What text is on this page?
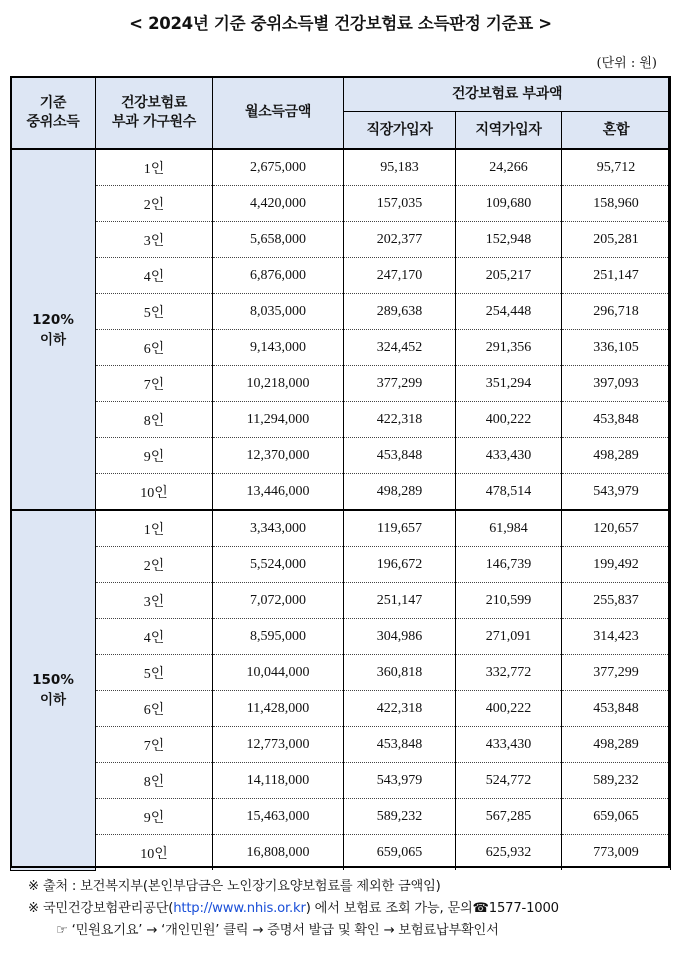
< 2024년 기준 중위소득별 건강보험료 소득판정 기준표 >
(단위 : 원)
기준
중위소득	건강보험료
부과 가구원수	월소득금액	건강보험료 부과액		
			직장가입자	지역가입자	혼합
120%
이하	1인	2,675,000	95,183	24,266	95,712
	2인	4,420,000	157,035	109,680	158,960
	3인	5,658,000	202,377	152,948	205,281
	4인	6,876,000	247,170	205,217	251,147
	5인	8,035,000	289,638	254,448	296,718
	6인	9,143,000	324,452	291,356	336,105
	7인	10,218,000	377,299	351,294	397,093
	8인	11,294,000	422,318	400,222	453,848
	9인	12,370,000	453,848	433,430	498,289
	10인	13,446,000	498,289	478,514	543,979
150%
이하	1인	3,343,000	119,657	61,984	120,657
	2인	5,524,000	196,672	146,739	199,492
	3인	7,072,000	251,147	210,599	255,837
	4인	8,595,000	304,986	271,091	314,423
	5인	10,044,000	360,818	332,772	377,299
	6인	11,428,000	422,318	400,222	453,848
	7인	12,773,000	453,848	433,430	498,289
	8인	14,118,000	543,979	524,772	589,232
	9인	15,463,000	589,232	567,285	659,065
	10인	16,808,000	659,065	625,932	773,009
※ 출처 : 보건복지부(본인부담금은 노인장기요양보험료를 제외한 금액임)
※ 국민건강보험관리공단(http://www.nhis.or.kr) 에서 보험료 조회 가능, 문의☎1577-1000
☞ ‘민원요기요’ → ‘개인민원’ 클릭 → 증명서 발급 및 확인 → 보험료납부확인서
